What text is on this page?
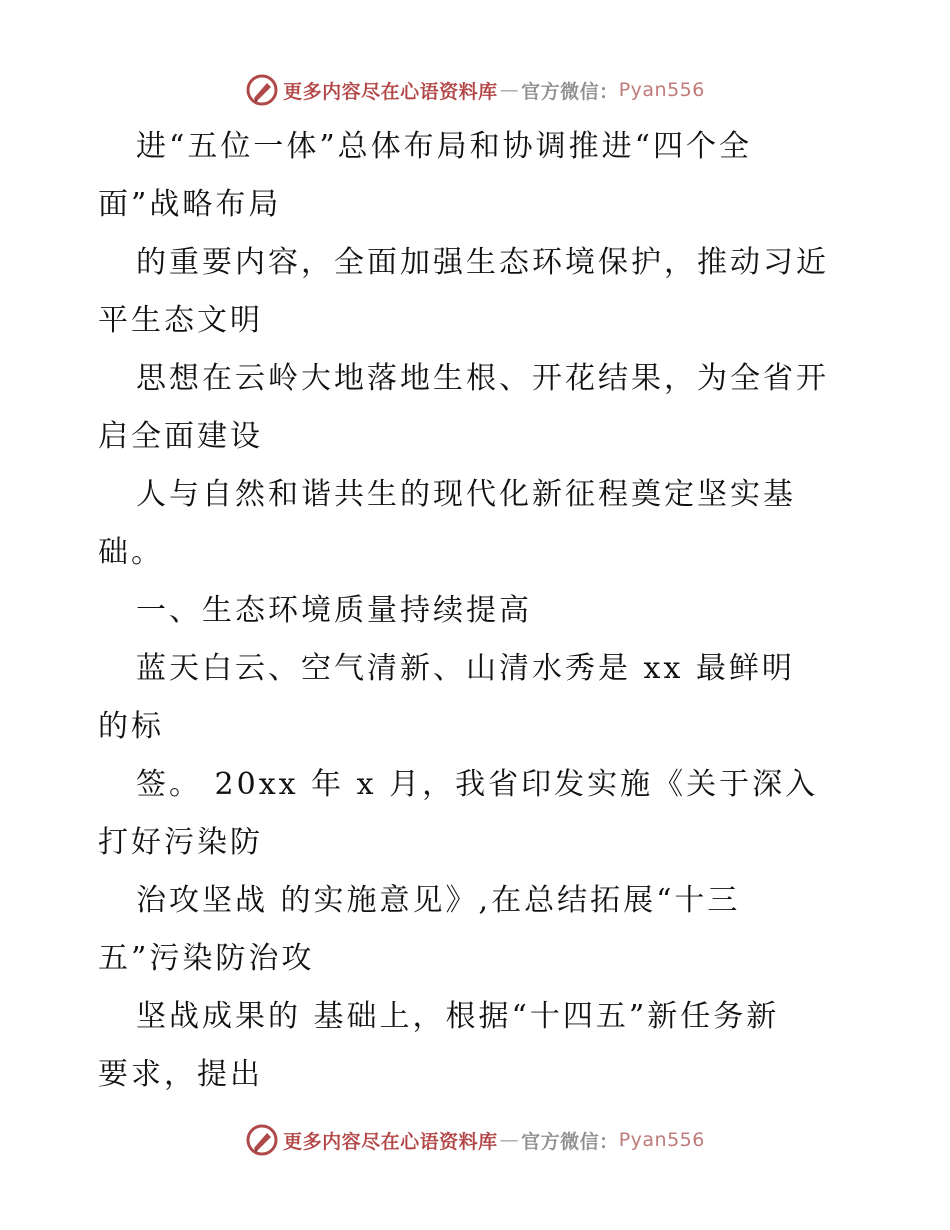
更多内容尽在心语资料库 — 官方微信： Pyan556
进“五位一体”总体布局和协调推进“四个全
面”战略布局
的重要内容，全面加强生态环境保护，推动习近
平生态文明
思想在云岭大地落地生根、开花结果，为全省开
启全面建设
人与自然和谐共生的现代化新征程奠定坚实基
础。
一、生态环境质量持续提高
蓝天白云、空气清新、山清水秀是 xx 最鲜明
的标
签。 20xx 年 x 月，我省印发实施《关于深入
打好污染防
治攻坚战 的实施意见》,在总结拓展“十三
五”污染防治攻
坚战成果的 基础上，根据“十四五”新任务新
要求，提出
更多内容尽在心语资料库 — 官方微信： Pyan556
